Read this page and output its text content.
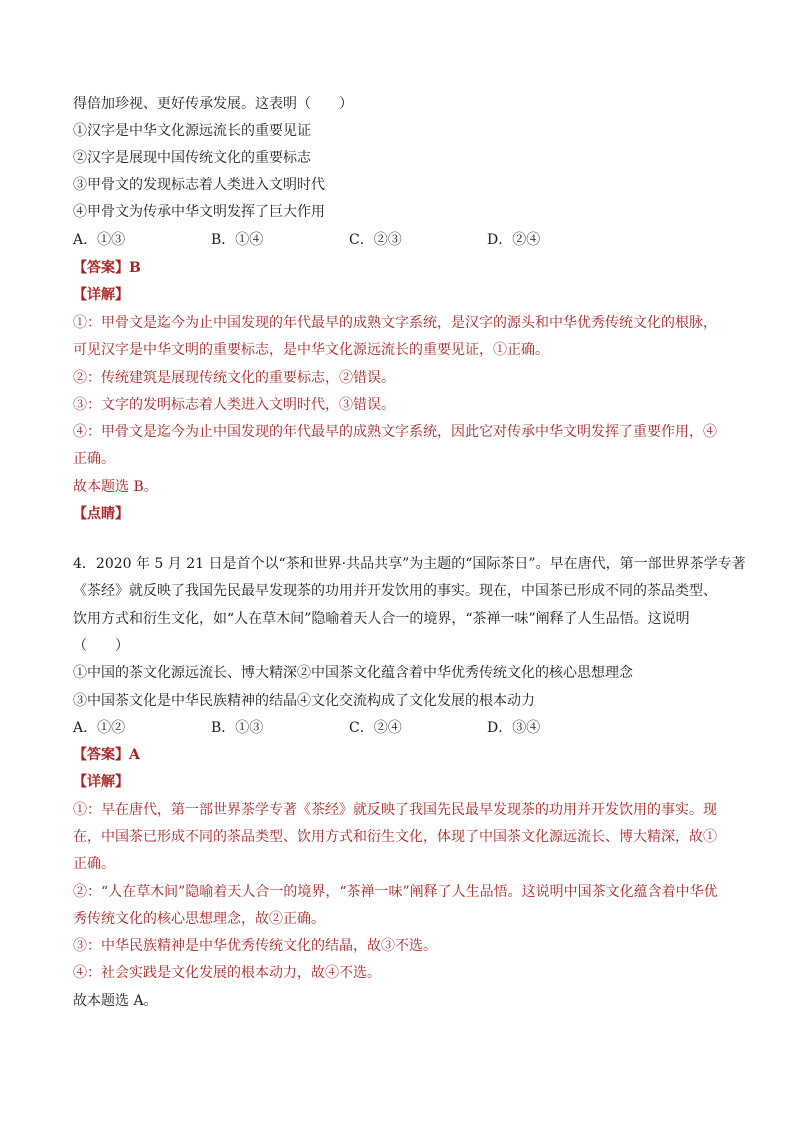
得倍加珍视、更好传承发展。这表明（　　）
①汉字是中华文化源远流长的重要见证
②汉字是展现中国传统文化的重要标志
③甲骨文的发现标志着人类进入文明时代
④甲骨文为传承中华文明发挥了巨大作用
A．①③	B．①④	C．②③	D．②④
【答案】B
【详解】
①：甲骨文是迄今为止中国发现的年代最早的成熟文字系统，是汉字的源头和中华优秀传统文化的根脉，
可见汉字是中华文明的重要标志，是中华文化源远流长的重要见证，①正确。
②：传统建筑是展现传统文化的重要标志，②错误。
③：文字的发明标志着人类进入文明时代，③错误。
④：甲骨文是迄今为止中国发现的年代最早的成熟文字系统，因此它对传承中华文明发挥了重要作用，④
正确。
故本题选 B。
【点睛】
4．2020 年 5 月 21 日是首个以“茶和世界·共品共享”为主题的“国际茶日”。早在唐代，第一部世界茶学专著
《茶经》就反映了我国先民最早发现茶的功用并开发饮用的事实。现在，中国茶已形成不同的茶品类型、
饮用方式和衍生文化，如“人在草木间”隐喻着天人合一的境界，“茶禅一味”阐释了人生品悟。这说明
（　　）
①中国的茶文化源远流长、博大精深②中国茶文化蕴含着中华优秀传统文化的核心思想理念
③中国茶文化是中华民族精神的结晶④文化交流构成了文化发展的根本动力
A．①②	B．①③	C．②④	D．③④
【答案】A
【详解】
①：早在唐代，第一部世界茶学专著《茶经》就反映了我国先民最早发现茶的功用并开发饮用的事实。现
在，中国茶已形成不同的茶品类型、饮用方式和衍生文化，体现了中国茶文化源远流长、博大精深，故①
正确。
②：“人在草木间”隐喻着天人合一的境界，“茶禅一味”阐释了人生品悟。这说明中国茶文化蕴含着中华优
秀传统文化的核心思想理念，故②正确。
③：中华民族精神是中华优秀传统文化的结晶，故③不选。
④：社会实践是文化发展的根本动力，故④不选。
故本题选 A。
